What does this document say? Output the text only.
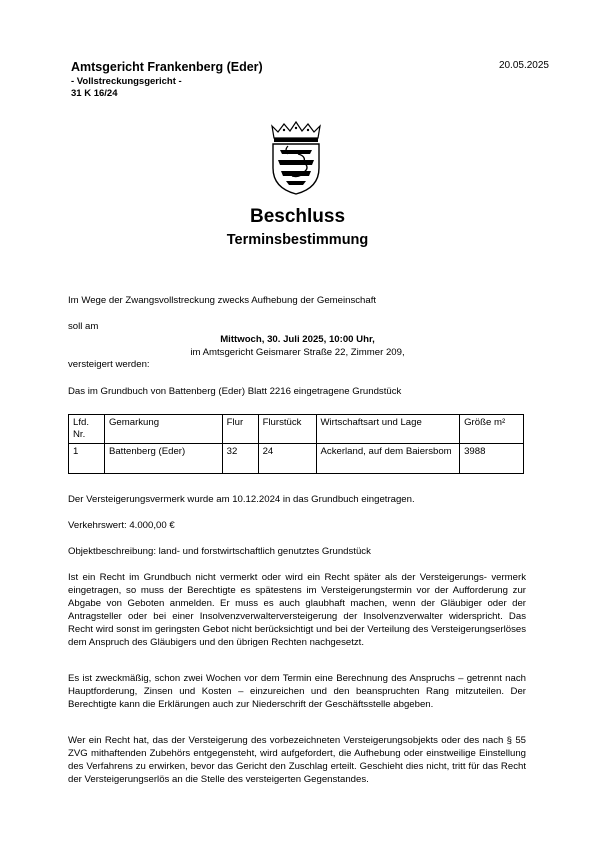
Amtsgericht Frankenberg (Eder)
- Vollstreckungsgericht -
31 K 16/24
20.05.2025
Beschluss
Terminsbestimmung
Im Wege der Zwangsvollstreckung zwecks Aufhebung der Gemeinschaft
soll am
Mittwoch, 30. Juli 2025, 10:00 Uhr,
im Amtsgericht Geismarer Straße 22, Zimmer 209,
versteigert werden:
Das im Grundbuch von Battenberg (Eder) Blatt 2216 eingetragene Grundstück
Lfd. Nr.	Gemarkung	Flur	Flurstück	Wirtschaftsart und Lage	Größe m²
1	Battenberg (Eder)	32	24	Ackerland, auf dem Baiersbom	3988
Der Versteigerungsvermerk wurde am 10.12.2024 in das Grundbuch eingetragen.
Verkehrswert: 4.000,00 €
Objektbeschreibung: land- und forstwirtschaftlich genutztes Grundstück
Ist ein Recht im Grundbuch nicht vermerkt oder wird ein Recht später als der Versteigerungs- vermerk eingetragen, so muss der Berechtigte es spätestens im Versteigerungstermin vor der Aufforderung zur Abgabe von Geboten anmelden. Er muss es auch glaubhaft machen, wenn der Gläubiger oder der Antragsteller oder bei einer Insolvenzverwalterversteigerung der Insolvenzverwalter widerspricht. Das Recht wird sonst im geringsten Gebot nicht berücksichtigt und bei der Verteilung des Versteigerungserlöses dem Anspruch des Gläubigers und den übrigen Rechten nachgesetzt.
Es ist zweckmäßig, schon zwei Wochen vor dem Termin eine Berechnung des Anspruchs – getrennt nach Hauptforderung, Zinsen und Kosten – einzureichen und den beanspruchten Rang mitzuteilen. Der Berechtigte kann die Erklärungen auch zur Niederschrift der Geschäftsstelle abgeben.
Wer ein Recht hat, das der Versteigerung des vorbezeichneten Versteigerungsobjekts oder des nach § 55 ZVG mithaftenden Zubehörs entgegensteht, wird aufgefordert, die Aufhebung oder einstweilige Einstellung des Verfahrens zu erwirken, bevor das Gericht den Zuschlag erteilt. Geschieht dies nicht, tritt für das Recht der Versteigerungserlös an die Stelle des versteigerten Gegenstandes.
